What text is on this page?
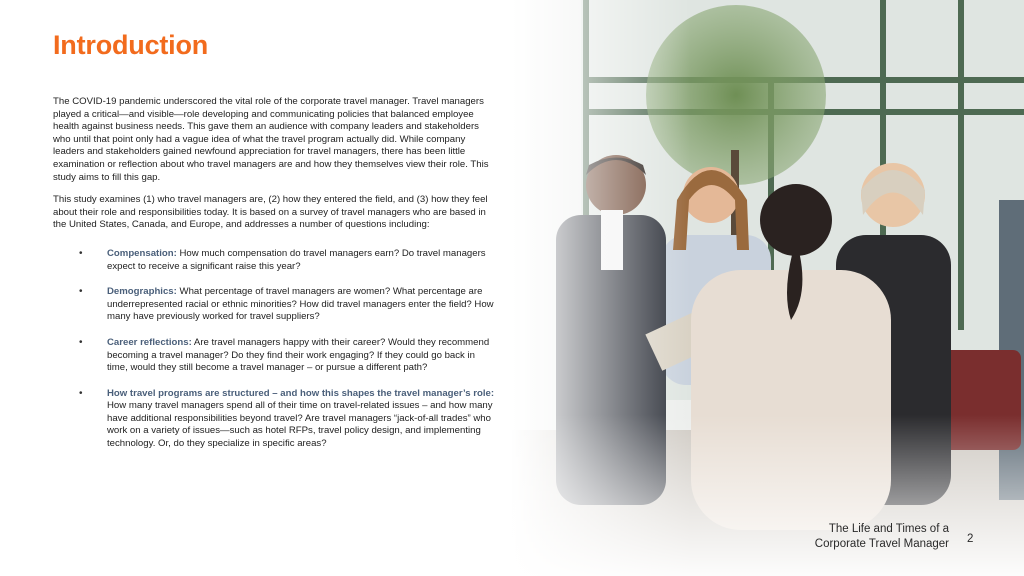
Introduction

The COVID-19 pandemic underscored the vital role of the corporate travel manager. Travel managers played a critical—and visible—role developing and communicating policies that balanced employee health against business needs. This gave them an audience with company leaders and stakeholders who until that point only had a vague idea of what the travel program actually did. While company leaders and stakeholders gained newfound appreciation for travel managers, there has been little examination or reflection about who travel managers are and how they themselves view their role. This study aims to fill this gap.

This study examines (1) who travel managers are, (2) how they entered the field, and (3) how they feel about their role and responsibilities today. It is based on a survey of travel managers who are based in the United States, Canada, and Europe, and addresses a number of questions including:

•	Compensation: How much compensation do travel managers earn? Do travel managers expect to receive a significant raise this year?
•	Demographics: What percentage of travel managers are women? What percentage are underrepresented racial or ethnic minorities? How did travel managers enter the field? How many have previously worked for travel suppliers?
•	Career reflections: Are travel managers happy with their career? Would they recommend becoming a travel manager? Do they find their work engaging? If they could go back in time, would they still become a travel manager – or pursue a different path?
•	How travel programs are structured – and how this shapes the travel manager’s role: How many travel managers spend all of their time on travel-related issues – and how many have additional responsibilities beyond travel? Are travel managers “jack-of-all trades” who work on a variety of issues—such as hotel RFPs, travel policy design, and implementing technology. Or, do they specialize in specific areas?
The Life and Times of a
Corporate Travel Manager 2
